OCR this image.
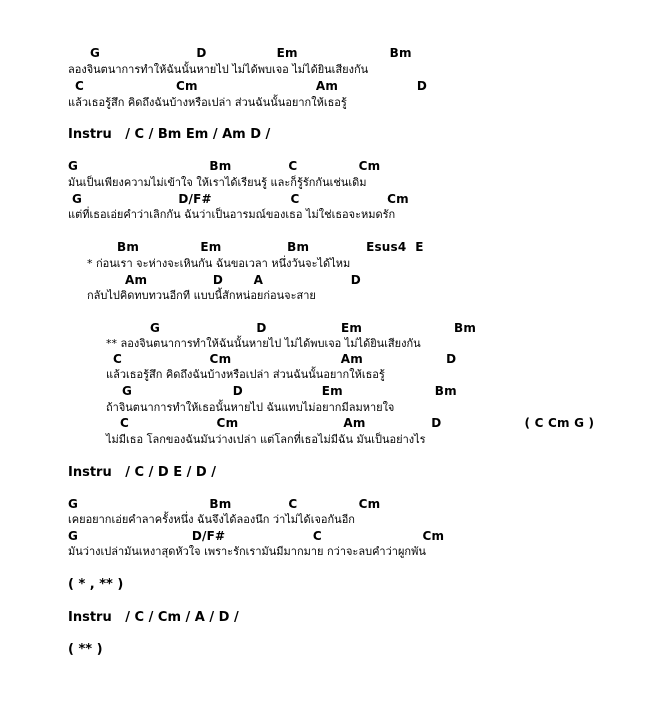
G                      D                Em                     Bm
ลองจินตนาการทำให้ฉันนั้นหายไป ไม่ได้พบเจอ ไม่ได้ยินเสียงกัน
C                     Cm                           Am                  D
แล้วเธอรู้สึก คิดถึงฉันบ้างหรือเปล่า ส่วนฉันนั้นอยากให้เธอรู้
Instru   / C / Bm Em / Am D /
G                              Bm             C              Cm
มันเป็นเพียงความไม่เข้าใจ ให้เราได้เรียนรู้ และก็รู้รักกันเช่นเดิม
G                      D/F#                  C                    Cm
แต่ที่เธอเอ่ยคำว่าเลิกกัน ฉันว่าเป็นอารมณ์ของเธอ ไม่ใช่เธอจะหมดรัก
Bm              Em               Bm             Esus4  E
* ก่อนเรา จะห่างจะเหินกัน ฉันขอเวลา หนึ่งวันจะได้ไหม
Am               D       A                    D
กลับไปคิดทบทวนอีกที แบบนี้สักหน่อยก่อนจะสาย
G                      D                 Em                     Bm
** ลองจินตนาการทำให้ฉันนั้นหายไป ไม่ได้พบเจอ ไม่ได้ยินเสียงกัน
C                    Cm                         Am                   D
แล้วเธอรู้สึก คิดถึงฉันบ้างหรือเปล่า ส่วนฉันนั้นอยากให้เธอรู้
G                       D                  Em                     Bm
ถ้าจินตนาการทำให้เธอนั้นหายไป ฉันแทบไม่อยากมีลมหายใจ
C                    Cm                        Am               D                   ( C Cm G )
ไม่มีเธอ โลกของฉันมันว่างเปล่า แต่โลกที่เธอไม่มีฉัน มันเป็นอย่างไร
Instru   / C / D E / D /
G                              Bm             C              Cm
เคยอยากเอ่ยคำลาครั้งหนึ่ง ฉันจึงได้ลองนึก ว่าไม่ได้เจอกันอีก
G                          D/F#                    C                       Cm
มันว่างเปล่ามันเหงาสุดหัวใจ เพราะรักเรามันมีมากมาย กว่าจะลบคำว่าผูกพัน
( * , ** )
Instru   / C / Cm / A / D /
( ** )
